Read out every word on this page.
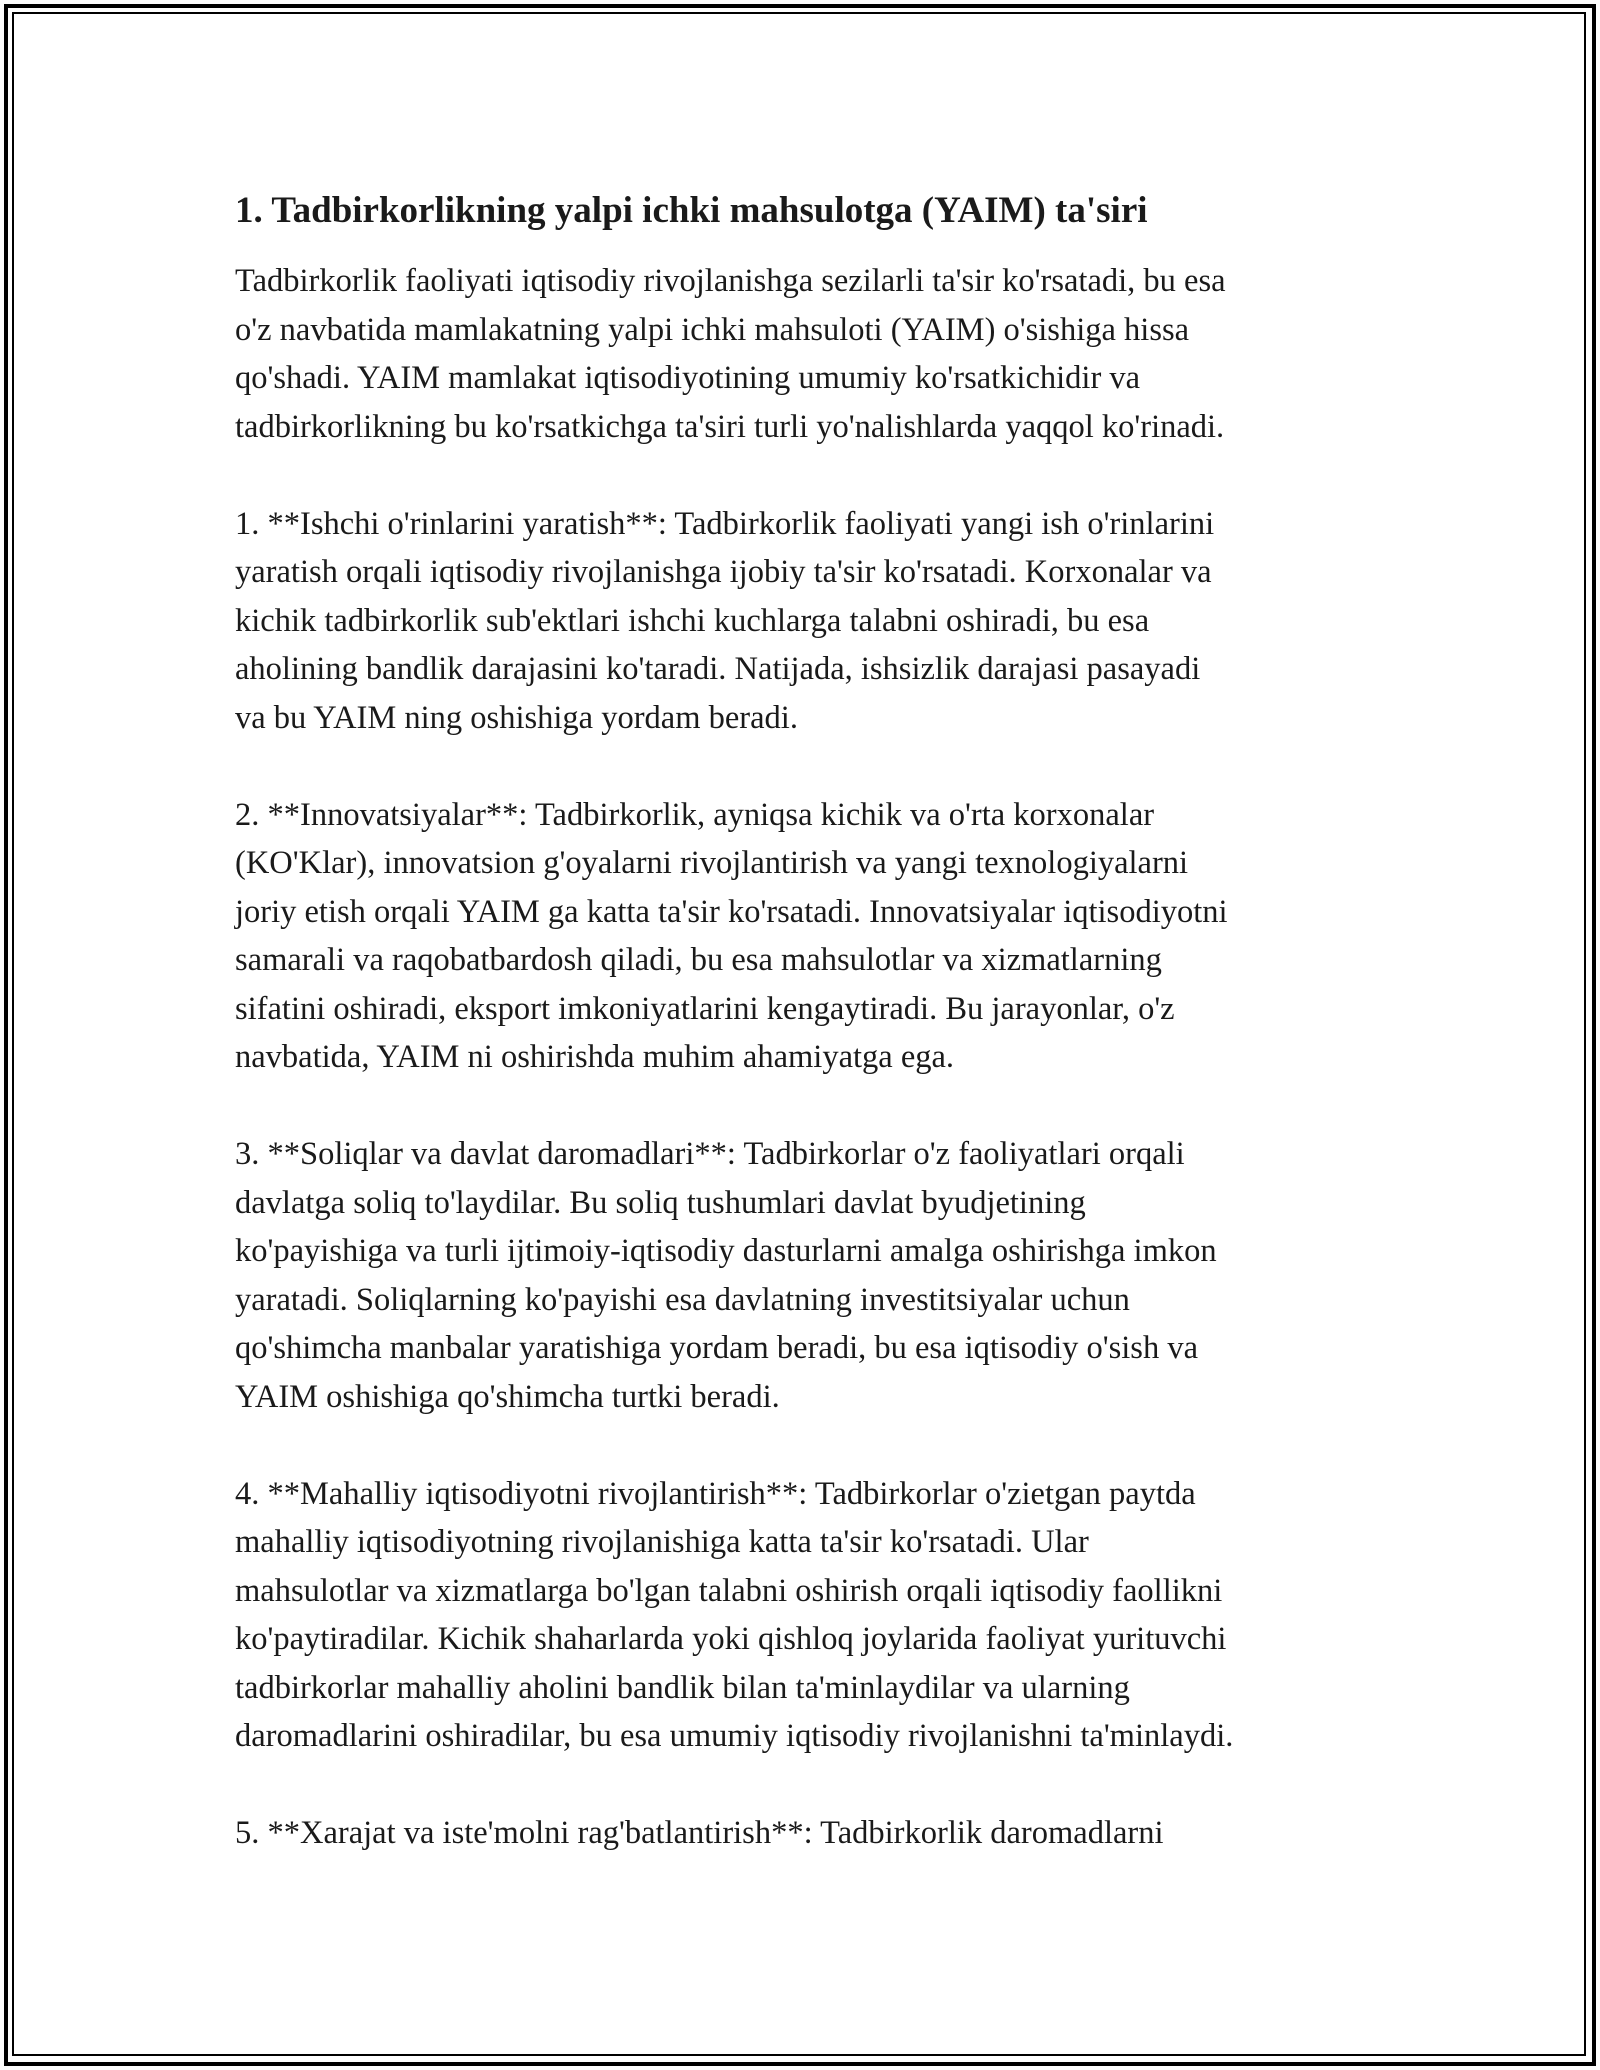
1. Tadbirkorlikning yalpi ichki mahsulotga (YAIM) ta'siri
Tadbirkorlik faoliyati iqtisodiy rivojlanishga sezilarli ta'sir ko'rsatadi, bu esa
o'z navbatida mamlakatning yalpi ichki mahsuloti (YAIM) o'sishiga hissa
qo'shadi. YAIM mamlakat iqtisodiyotining umumiy ko'rsatkichidir va
tadbirkorlikning bu ko'rsatkichga ta'siri turli yo'nalishlarda yaqqol ko'rinadi.
1. **Ishchi o'rinlarini yaratish**: Tadbirkorlik faoliyati yangi ish o'rinlarini
yaratish orqali iqtisodiy rivojlanishga ijobiy ta'sir ko'rsatadi. Korxonalar va
kichik tadbirkorlik sub'ektlari ishchi kuchlarga talabni oshiradi, bu esa
aholining bandlik darajasini ko'taradi. Natijada, ishsizlik darajasi pasayadi
va bu YAIM ning oshishiga yordam beradi.
2. **Innovatsiyalar**: Tadbirkorlik, ayniqsa kichik va o'rta korxonalar
(KO'Klar), innovatsion g'oyalarni rivojlantirish va yangi texnologiyalarni
joriy etish orqali YAIM ga katta ta'sir ko'rsatadi. Innovatsiyalar iqtisodiyotni
samarali va raqobatbardosh qiladi, bu esa mahsulotlar va xizmatlarning
sifatini oshiradi, eksport imkoniyatlarini kengaytiradi. Bu jarayonlar, o'z
navbatida, YAIM ni oshirishda muhim ahamiyatga ega.
3. **Soliqlar va davlat daromadlari**: Tadbirkorlar o'z faoliyatlari orqali
davlatga soliq to'laydilar. Bu soliq tushumlari davlat byudjetining
ko'payishiga va turli ijtimoiy-iqtisodiy dasturlarni amalga oshirishga imkon
yaratadi. Soliqlarning ko'payishi esa davlatning investitsiyalar uchun
qo'shimcha manbalar yaratishiga yordam beradi, bu esa iqtisodiy o'sish va
YAIM oshishiga qo'shimcha turtki beradi.
4. **Mahalliy iqtisodiyotni rivojlantirish**: Tadbirkorlar o'zietgan paytda
mahalliy iqtisodiyotning rivojlanishiga katta ta'sir ko'rsatadi. Ular
mahsulotlar va xizmatlarga bo'lgan talabni oshirish orqali iqtisodiy faollikni
ko'paytiradilar. Kichik shaharlarda yoki qishloq joylarida faoliyat yurituvchi
tadbirkorlar mahalliy aholini bandlik bilan ta'minlaydilar va ularning
daromadlarini oshiradilar, bu esa umumiy iqtisodiy rivojlanishni ta'minlaydi.
5. **Xarajat va iste'molni rag'batlantirish**: Tadbirkorlik daromadlarni
